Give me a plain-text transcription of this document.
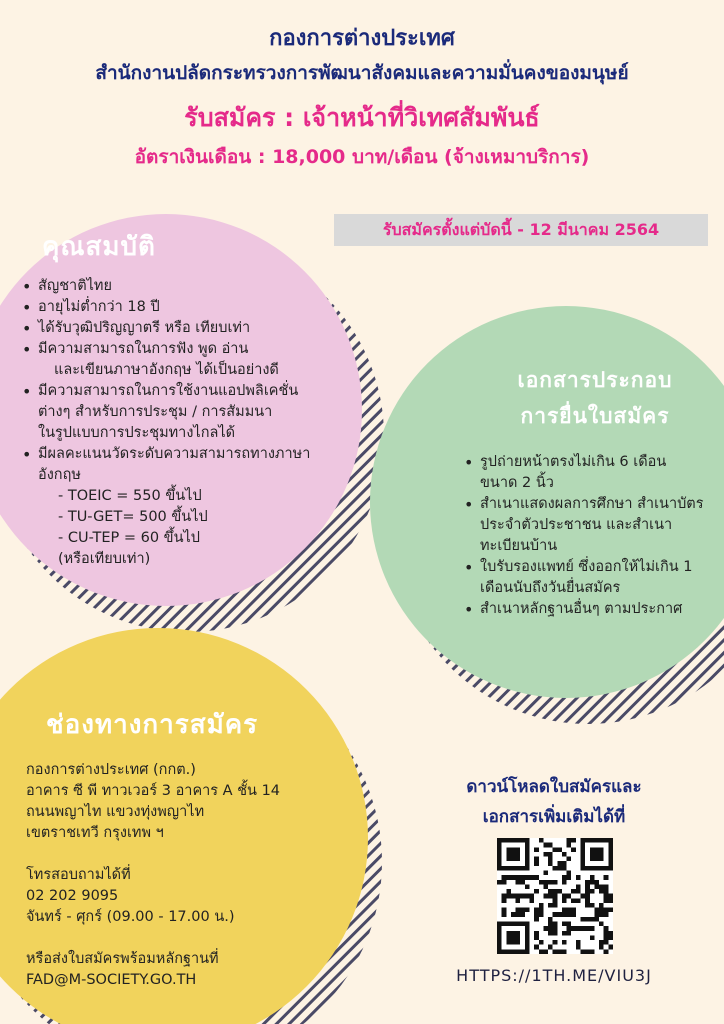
กองการต่างประเทศ
สำนักงานปลัดกระทรวงการพัฒนาสังคมและความมั่นคงของมนุษย์
รับสมัคร : เจ้าหน้าที่วิเทศสัมพันธ์
อัตราเงินเดือน : 18,000 บาท/เดือน (จ้างเหมาบริการ)
รับสมัครตั้งแต่บัดนี้ - 12 มีนาคม 2564
คุณสมบัติ
• สัญชาติไทย
• อายุไม่ต่ำกว่า 18 ปี
• ได้รับวุฒิปริญญาตรี หรือ เทียบเท่า
• มีความสามารถในการฟัง พูด อ่าน
และเขียนภาษาอังกฤษ ได้เป็นอย่างดี
• มีความสามารถในการใช้งานแอปพลิเคชั่น ต่างๆ สำหรับการประชุม / การสัมมนา
ในรูปแบบการประชุมทางไกลได้
• มีผลคะแนนวัดระดับความสามารถทางภาษาอังกฤษ
- TOEIC = 550 ขึ้นไป
- TU-GET= 500 ขึ้นไป
- CU-TEP = 60 ขึ้นไป
(หรือเทียบเท่า)
เอกสารประกอบ
การยื่นใบสมัคร
• รูปถ่ายหน้าตรงไม่เกิน 6 เดือน ขนาด 2 นิ้ว
• สำเนาแสดงผลการศึกษา สำเนาบัตรประจำตัวประชาชน และสำเนาทะเบียนบ้าน
• ใบรับรองแพทย์ ซึ่งออกให้ไม่เกิน 1 เดือนนับถึงวันยื่นสมัคร
• สำเนาหลักฐานอื่นๆ ตามประกาศ
ช่องทางการสมัคร
กองการต่างประเทศ (กกต.)
อาคาร ซี พี ทาวเวอร์ 3 อาคาร A ชั้น 14
ถนนพญาไท แขวงทุ่งพญาไท
เขตราชเทวี กรุงเทพ ฯ
โทรสอบถามได้ที่
02 202 9095
จันทร์ - ศุกร์ (09.00 - 17.00 น.)
หรือส่งใบสมัครพร้อมหลักฐานที่
FAD@M-SOCIETY.GO.TH
ดาวน์โหลดใบสมัครและ
เอกสารเพิ่มเติมได้ที่
HTTPS://1TH.ME/VIU3J
